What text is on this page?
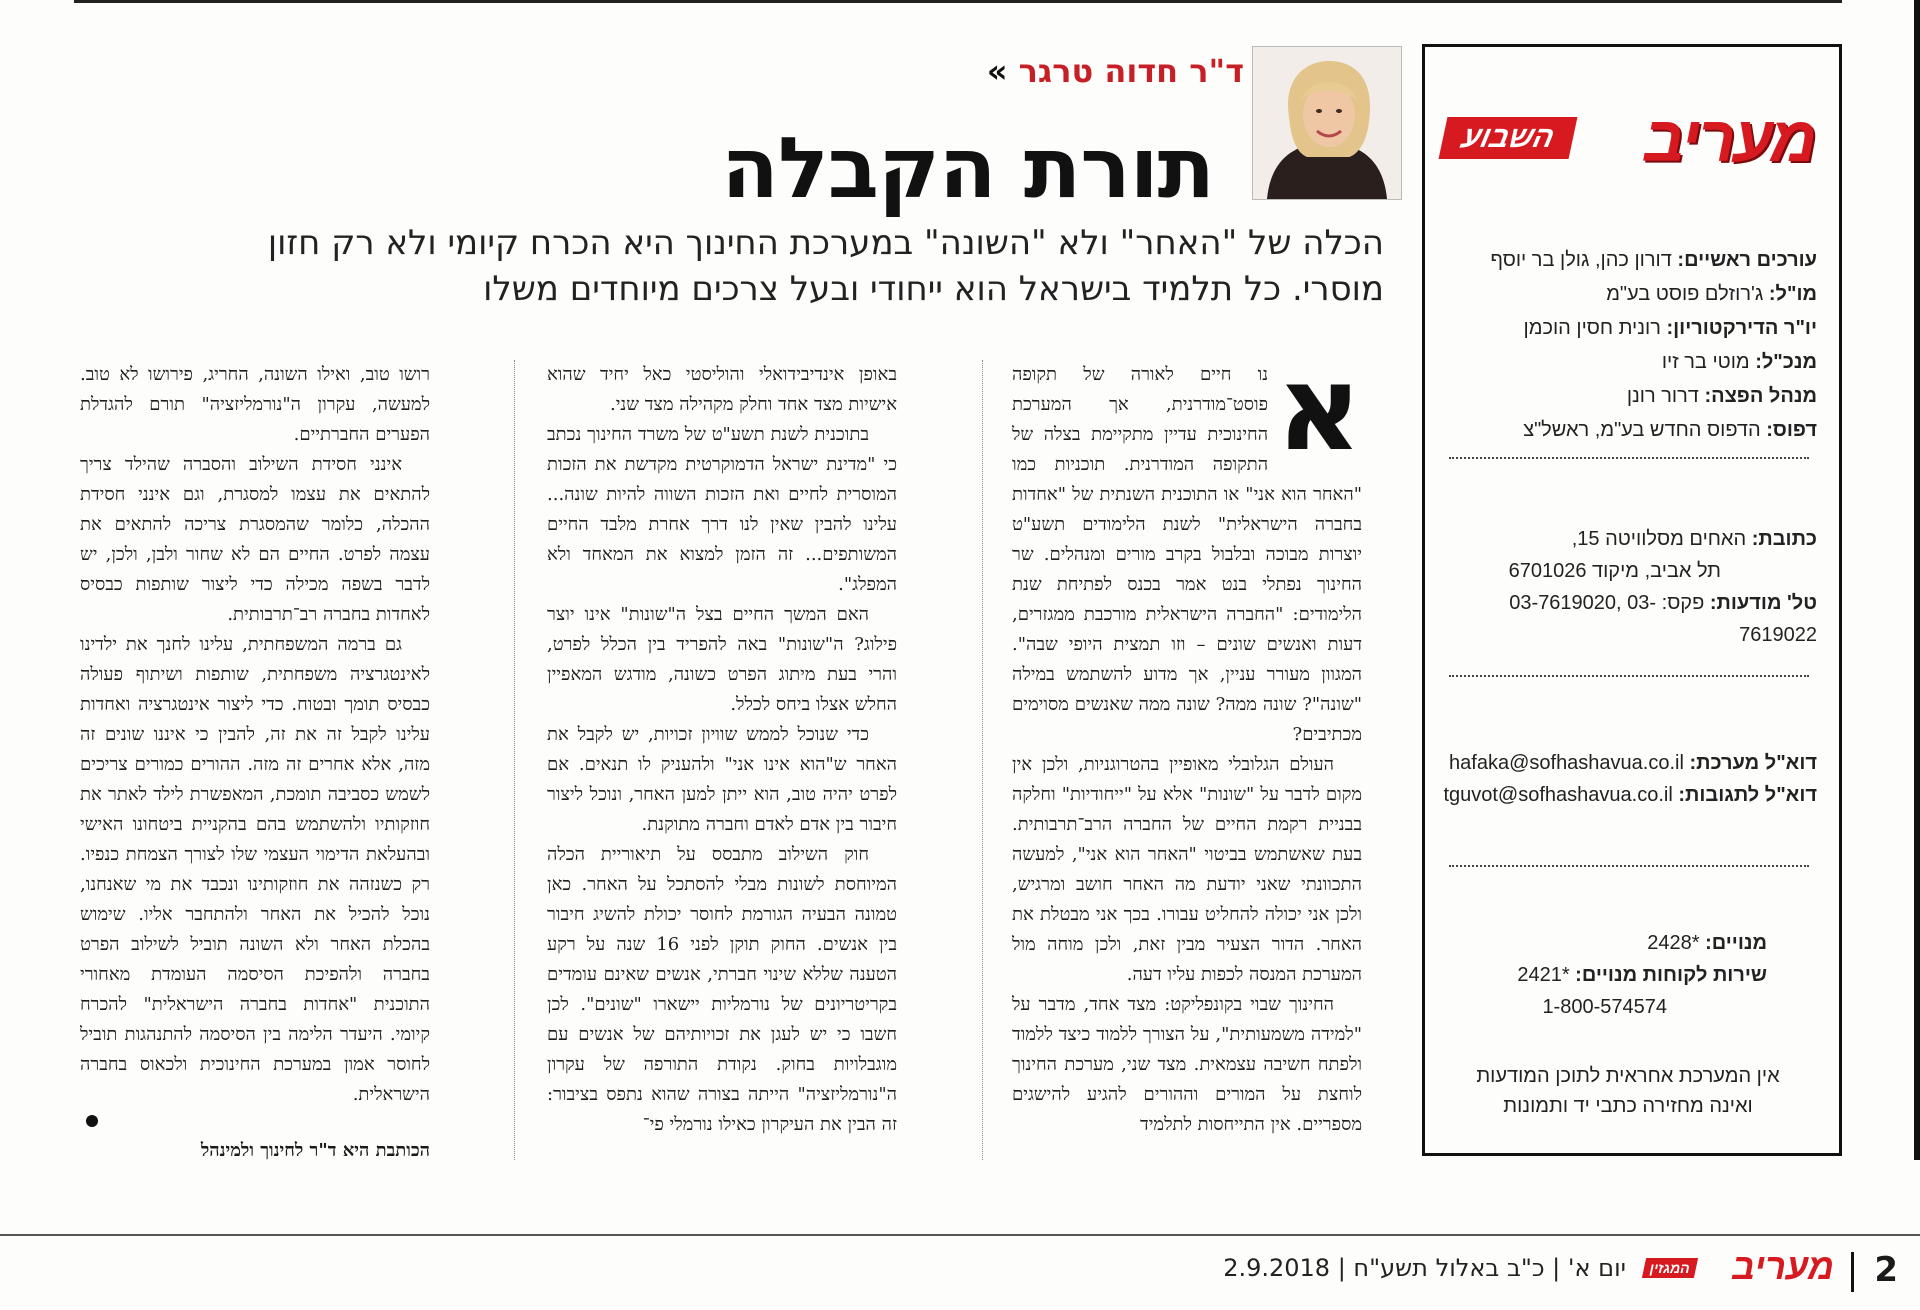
מעריב
השבוע
עורכים ראשיים: דורון כהן, גולן בר יוסף
מו"ל: ג'רוזלם פוסט בע"מ
יו"ר הדירקטוריון: רונית חסין הוכמן
מנכ"ל: מוטי בר זיו
מנהל הפצה: דרור רונן
דפוס: הדפוס החדש בע"מ, ראשל"צ
כתובת: האחים מסלוויטה 15,
תל אביב, מיקוד 6701026
טל' מודעות: 03-7619020, פקס: 03-7619022
דוא"ל מערכת: hafaka@sofhashavua.co.il
דוא"ל לתגובות: tguvot@sofhashavua.co.il
מנויים: 2428*
שירות לקוחות מנויים: 2421*
1-800-574574
אין המערכת אחראית לתוכן המודעות
ואינה מחזירה כתבי יד ותמונות
ד"ר חדוה טרגר »
תורת הקבלה
הכלה של "האחר" ולא "השונה" במערכת החינוך היא הכרח קיומי ולא רק חזון מוסרי. כל תלמיד בישראל הוא ייחודי ובעל צרכים מיוחדים משלו

א
נו חיים לאורה של תקופה פוסט־מודרנית, אך המערכת החינוכית עדיין מתקיימת בצלה של התקופה המודרנית. תוכניות כמו "האחר הוא אני" או התוכנית השנתית של "אחדות בחברה הישראלית" לשנת הלימודים תשע"ט יוצרות מבוכה ובלבול בקרב מורים ומנהלים. שר החינוך נפתלי בנט אמר בכנס לפתיחת שנת הלימודים: "החברה הישראלית מורכבת ממגזרים, דעות ואנשים שונים – וזו תמצית היופי שבה". המגוון מעורר עניין, אך מדוע להשתמש במילה "שונה"? שונה ממה? שונה ממה שאנשים מסוימים מכתיבים?

העולם הגלובלי מאופיין בהטרוגניות, ולכן אין מקום לדבר על "שונות" אלא על "ייחודיות" וחלקה בבניית רקמת החיים של החברה הרב־תרבותית. בעת שאשתמש בביטוי "האחר הוא אני", למעשה התכוונתי שאני יודעת מה האחר חושב ומרגיש, ולכן אני יכולה להחליט עבורו. בכך אני מבטלת את האחר. הדור הצעיר מבין זאת, ולכן מוחה מול המערכת המנסה לכפות עליו דעה.

החינוך שבוי בקונפליקט: מצד אחד, מדבר על "למידה משמעותית", על הצורך ללמוד כיצד ללמוד ולפתח חשיבה עצמאית. מצד שני, מערכת החינוך לוחצת על המורים וההורים להגיע להישגים מספריים. אין התייחסות לתלמיד

באופן אינדיבידואלי והוליסטי כאל יחיד שהוא אישיות מצד אחד וחלק מקהילה מצד שני.

בתוכנית לשנת תשע"ט של משרד החינוך נכתב כי "מדינת ישראל הדמוקרטית מקדשת את הזכות המוסרית לחיים ואת הזכות השווה להיות שונה... עלינו להבין שאין לנו דרך אחרת מלבד החיים המשותפים... זה הזמן למצוא את המאחד ולא המפלג".

האם המשך החיים בצל ה"שונות" אינו יוצר פילוג? ה"שונות" באה להפריד בין הכלל לפרט, והרי בעת מיתוג הפרט כשונה, מודגש המאפיין החלש אצלו ביחס לכלל.

כדי שנוכל לממש שוויון זכויות, יש לקבל את האחר ש"הוא אינו אני" ולהעניק לו תנאים. אם לפרט יהיה טוב, הוא ייתן למען האחר, ונוכל ליצור חיבור בין אדם לאדם וחברה מתוקנת.

חוק השילוב מתבסס על תיאוריית הכלה המיוחסת לשונות מבלי להסתכל על האחר. כאן טמונה הבעיה הגורמת לחוסר יכולת להשיג חיבור בין אנשים. החוק תוקן לפני 16 שנה על רקע הטענה שללא שינוי חברתי, אנשים שאינם עומדים בקריטריונים של נורמליות יישארו "שונים". לכן חשבו כי יש לעגן את זכויותיהם של אנשים עם מוגבלויות בחוק. נקודת התורפה של עקרון ה"נורמליזציה" הייתה בצורה שהוא נתפס בציבור: זה הבין את העיקרון כאילו נורמלי פי־

רושו טוב, ואילו השונה, החריג, פירושו לא טוב. למעשה, עקרון ה"נורמליזציה" תורם להגדלת הפערים החברתיים.

אינני חסידת השילוב והסברה שהילד צריך להתאים את עצמו למסגרת, וגם אינני חסידת ההכלה, כלומר שהמסגרת צריכה להתאים את עצמה לפרט. החיים הם לא שחור ולבן, ולכן, יש לדבר בשפה מכילה כדי ליצור שותפות כבסיס לאחדות בחברה רב־תרבותית.

גם ברמה המשפחתית, עלינו לחנך את ילדינו לאינטגרציה משפחתית, שותפות ושיתוף פעולה כבסיס תומך ובטוח. כדי ליצור אינטגרציה ואחדות עלינו לקבל זה את זה, להבין כי איננו שונים זה מזה, אלא אחרים זה מזה. ההורים כמורים צריכים לשמש כסביבה תומכת, המאפשרת לילד לאתר את חוזקותיו ולהשתמש בהם בהקניית ביטחונו האישי ובהעלאת הדימוי העצמי שלו לצורך הצמחת כנפיו. רק כשנזהה את חוזקותינו ונכבד את מי שאנחנו, נוכל להכיל את האחר ולהתחבר אליו. שימוש בהכלת האחר ולא השונה תוביל לשילוב הפרט בחברה ולהפיכת הסיסמה העומדת מאחורי התוכנית "אחדות בחברה הישראלית" להכרח קיומי. היעדר הלימה בין הסיסמה להתנהגות תוביל לחוסר אמון במערכת החינוכית ולכאוס בחברה הישראלית.

הכותבת היא ד"ר לחינוך ולמינהל
2
מעריב
המגזין
יום א' | כ"ב באלול תשע"ח | 2.9.2018
